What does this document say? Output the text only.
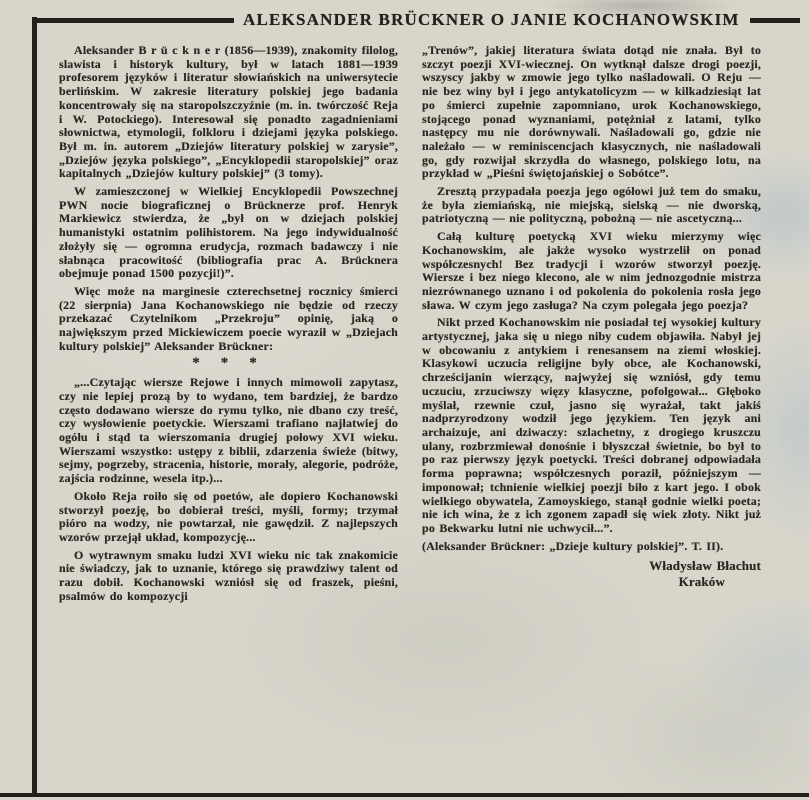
ALEKSANDER BRÜCKNER O JANIE KOCHANOWSKIM

Aleksander B r ü c k n e r (1856—1939), znakomity filolog, slawista i historyk kultury, był w latach 1881—1939 profesorem języków i literatur słowiańskich na uniwersytecie berlińskim. W zakresie literatury polskiej jego badania koncentrowały się na staropolszczyźnie (m. in. twórczość Reja i W. Potockiego). Interesował się ponadto zagadnieniami słownictwa, etymologii, folkloru i dziejami języka polskiego. Był m. in. autorem „Dziejów literatury polskiej w zarysie”, „Dziejów języka polskiego”, „Encyklopedii staropolskiej” oraz kapitalnych „Dziejów kultury polskiej” (3 tomy).

W zamieszczonej w Wielkiej Encyklopedii Powszechnej PWN nocie biograficznej o Brücknerze prof. Henryk Markiewicz stwierdza, że „był on w dziejach polskiej humanistyki ostatnim polihistorem. Na jego indywidualność złożyły się — ogromna erudycja, rozmach badawczy i nie słabnąca pracowitość (bibliografia prac A. Brücknera obejmuje ponad 1500 pozycji!)”.

Więc może na marginesie czterechsetnej rocznicy śmierci (22 sierpnia) Jana Kochanowskiego nie będzie od rzeczy przekazać Czytelnikom „Przekroju” opinię, jaką o największym przed Mickiewiczem poecie wyraził w „Dziejach kultury polskiej” Aleksander Brückner:

* * *

„...Czytając wiersze Rejowe i innych mimowoli zapytasz, czy nie lepiej prozą by to wydano, tem bardziej, że bardzo często dodawano wiersze do rymu tylko, nie dbano czy treść, czy wysłowienie poetyckie. Wierszami trafiano najłatwiej do ogółu i stąd ta wierszomania drugiej połowy XVI wieku. Wierszami wszystko: ustępy z biblii, zdarzenia świeże (bitwy, sejmy, pogrzeby, stracenia, historie, morały, alegorie, podróże, zajścia rodzinne, wesela itp.)...

Około Reja roiło się od poetów, ale dopiero Kochanowski stworzył poezję, bo dobierał treści, myśli, formy; trzymał pióro na wodzy, nie powtarzał, nie gawędził. Z najlepszych wzorów przejął układ, kompozycję...

O wytrawnym smaku ludzi XVI wieku nic tak znakomicie nie świadczy, jak to uznanie, którego się prawdziwy talent od razu dobił. Kochanowski wzniósł się od fraszek, pieśni, psalmów do kompozycji

„Trenów”, jakiej literatura świata dotąd nie znała. Był to szczyt poezji XVI-wiecznej. On wytknął dalsze drogi poezji, wszyscy jakby w zmowie jego tylko naśladowali. O Reju — nie bez winy był i jego antykatolicyzm — w kilkadziesiąt lat po śmierci zupełnie zapomniano, urok Kochanowskiego, stojącego ponad wyznaniami, potężniał z latami, tylko następcy mu nie dorównywali. Naśladowali go, gdzie nie należało — w reminiscencjach klasycznych, nie naśladowali go, gdy rozwijał skrzydła do własnego, polskiego lotu, na przykład w „Pieśni świętojańskiej o Sobótce”.

Zresztą przypadała poezja jego ogółowi już tem do smaku, że była ziemiańską, nie miejską, sielską — nie dworską, patriotyczną — nie polityczną, pobożną — nie ascetyczną...

Całą kulturę poetycką XVI wieku mierzymy więc Kochanowskim, ale jakże wysoko wystrzelił on ponad współczesnych! Bez tradycji i wzorów stworzył poezję. Wiersze i bez niego klecono, ale w nim jednozgodnie mistrza niezrównanego uznano i od pokolenia do pokolenia rosła jego sława. W czym jego zasługa? Na czym polegała jego poezja?

Nikt przed Kochanowskim nie posiadał tej wysokiej kultury artystycznej, jaka się u niego niby cudem objawiła. Nabył jej w obcowaniu z antykiem i renesansem na ziemi włoskiej. Klasykowi uczucia religijne były obce, ale Kochanowski, chrześcijanin wierzący, najwyżej się wzniósł, gdy temu uczuciu, zrzuciwszy więzy klasyczne, pofolgował... Głęboko myślał, rzewnie czuł, jasno się wyrażał, takt jakiś nadprzyrodzony wodził jego językiem. Ten język ani archaizuje, ani dziwaczy: szlachetny, z drogiego kruszczu ulany, rozbrzmiewał donośnie i błyszczał świetnie, bo był to po raz pierwszy język poetycki. Treści dobranej odpowiadała forma poprawna; współczesnych poraził, późniejszym — imponował; tchnienie wielkiej poezji biło z kart jego. I obok wielkiego obywatela, Zamoyskiego, stanął godnie wielki poeta; nie ich wina, że z ich zgonem zapadł się wiek złoty. Nikt już po Bekwarku lutni nie uchwycił...”.

(Aleksander Brückner: „Dzieje kultury polskiej”. T. II).

Władysław Błachut
Kraków
